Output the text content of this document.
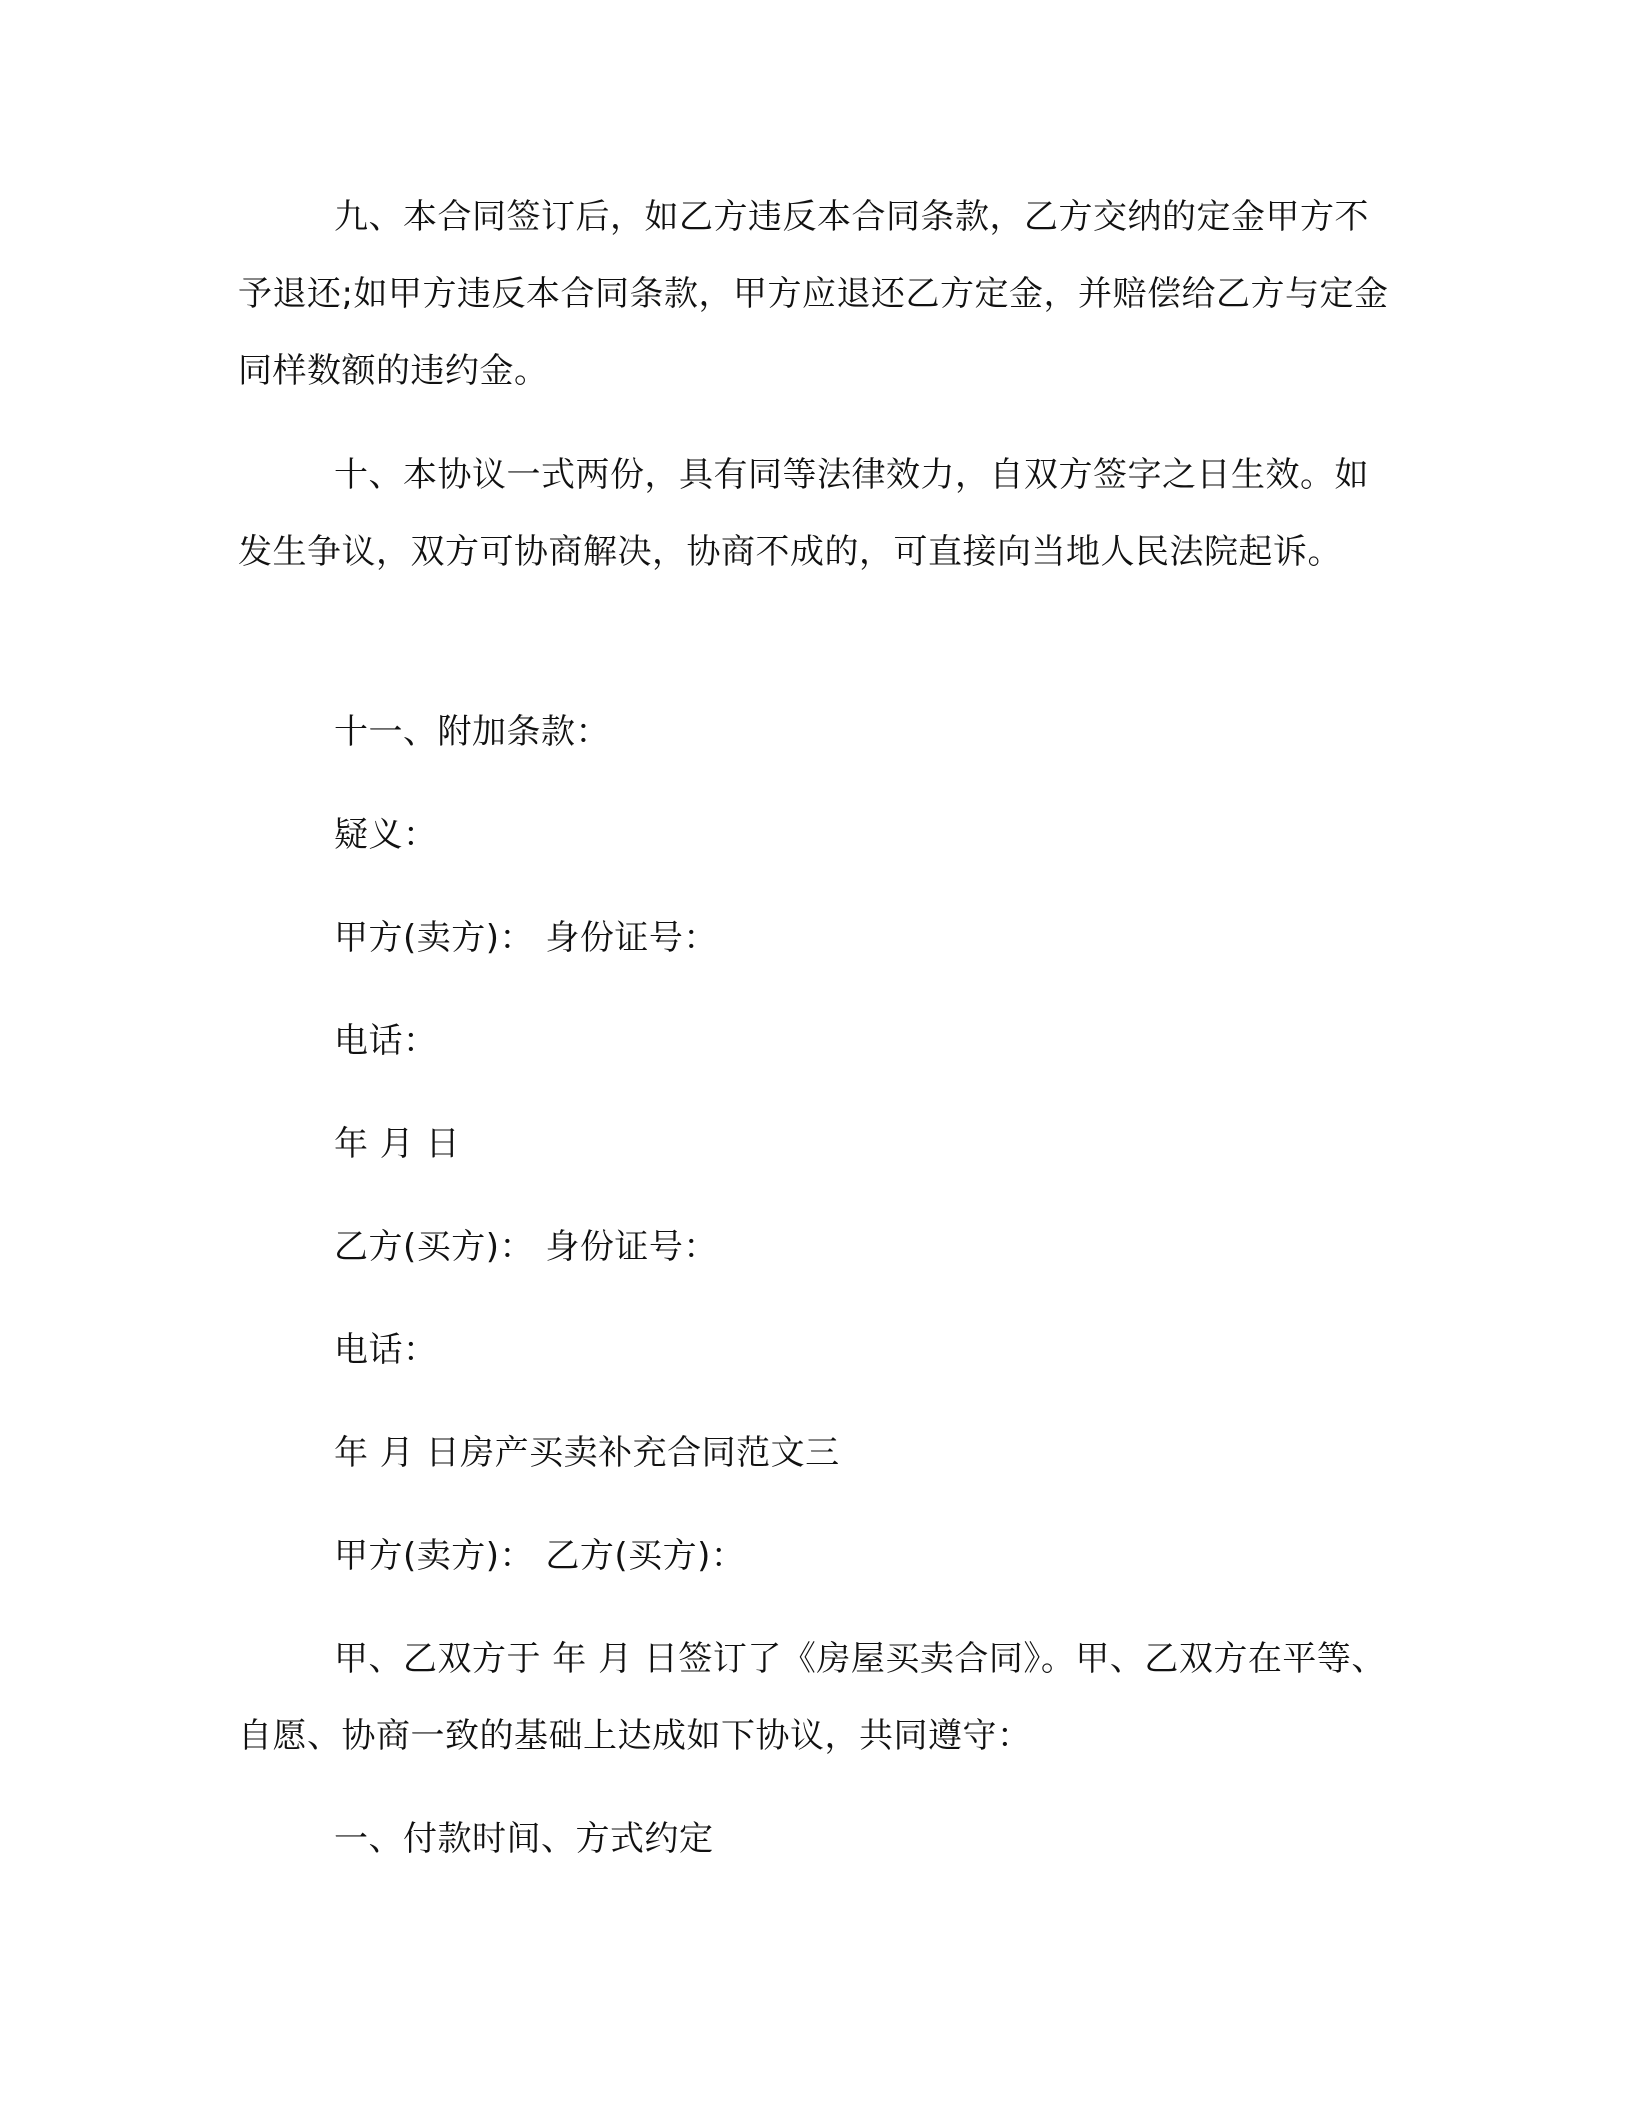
九、本合同签订后，如乙方违反本合同条款，乙方交纳的定金甲方不予退还;如甲方违反本合同条款，甲方应退还乙方定金，并赔偿给乙方与定金同样数额的违约金。

十、本协议一式两份，具有同等法律效力，自双方签字之日生效。如发生争议，双方可协商解决，协商不成的，可直接向当地人民法院起诉。

十一、附加条款：

疑义：

甲方(卖方)： 身份证号：

电话：

年 月 日

乙方(买方)： 身份证号：

电话：

年 月 日房产买卖补充合同范文三

甲方(卖方)： 乙方(买方)：

甲、乙双方于 年 月 日签订了《房屋买卖合同》。甲、乙双方在平等、自愿、协商一致的基础上达成如下协议，共同遵守：

一、付款时间、方式约定
